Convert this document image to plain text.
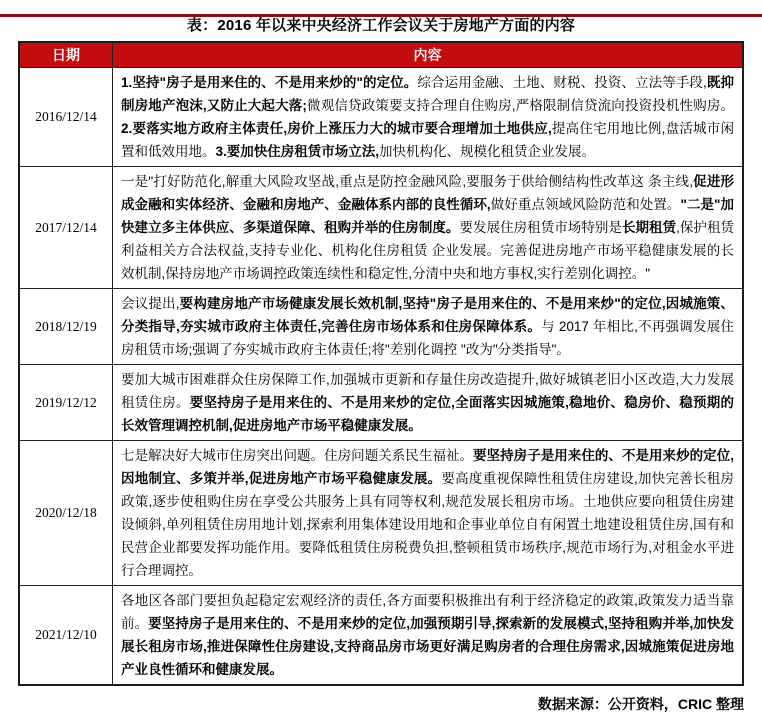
表：2016 年以来中央经济工作会议关于房地产方面的内容
日期	内容
2016/12/14	1.坚持"房子是用来住的、不是用来炒的"的定位。综合运用金融、土地、财税、投资、立法等手段,既抑制房地产泡沫,又防止大起大落;微观信贷政策要支持合理自住购房,严格限制信贷流向投资投机性购房。2.要落实地方政府主体责任,房价上涨压力大的城市要合理增加土地供应,提高住宅用地比例,盘活城市闲置和低效用地。3.要加快住房租赁市场立法,加快机构化、规模化租赁企业发展。
2017/12/14	一是"打好防范化,解重大风险攻坚战,重点是防控金融风险,要服务于供给侧结构性改革这 条主线,促进形成金融和实体经济、金融和房地产、金融体系内部的良性循环,做好重点领域风险防范和处置。"二是"加快建立多主体供应、多渠道保障、租购并举的住房制度。要发展住房租赁市场特别是长期租赁,保护租赁利益相关方合法权益,支持专业化、机构化住房租赁 企业发展。完善促进房地产市场平稳健康发展的长效机制,保持房地产市场调控政策连续性和稳定性,分清中央和地方事权,实行差别化调控。"
2018/12/19	会议提出,要构建房地产市场健康发展长效机制,坚持"房子是用来住的、不是用来炒"的定位,因城施策、分类指导,夯实城市政府主体责任,完善住房市场体系和住房保障体系。与 2017 年相比,不再强调发展住房租赁市场;强调了夯实城市政府主体责任;将"差别化调控 "改为"分类指导"。
2019/12/12	要加大城市困难群众住房保障工作,加强城市更新和存量住房改造提升,做好城镇老旧小区改造,大力发展租赁住房。要坚持房子是用来住的、不是用来炒的定位,全面落实因城施策,稳地价、稳房价、稳预期的长效管理调控机制,促进房地产市场平稳健康发展。
2020/12/18	七是解决好大城市住房突出问题。住房问题关系民生福祉。要坚持房子是用来住的、不是用来炒的定位,因地制宜、多策并举,促进房地产市场平稳健康发展。要高度重视保障性租赁住房建设,加快完善长租房政策,逐步使租购住房在享受公共服务上具有同等权利,规范发展长租房市场。土地供应要向租赁住房建设倾斜,单列租赁住房用地计划,探索利用集体建设用地和企事业单位自有闲置土地建设租赁住房,国有和民营企业都要发挥功能作用。要降低租赁住房税费负担,整顿租赁市场秩序,规范市场行为,对租金水平进行合理调控。
2021/12/10	各地区各部门要担负起稳定宏观经济的责任,各方面要积极推出有利于经济稳定的政策,政策发力适当靠前。要坚持房子是用来住的、不是用来炒的定位,加强预期引导,探索新的发展模式,坚持租购并举,加快发展长租房市场,推进保障性住房建设,支持商品房市场更好满足购房者的合理住房需求,因城施策促进房地产业良性循环和健康发展。
数据来源：公开资料，CRIC 整理
